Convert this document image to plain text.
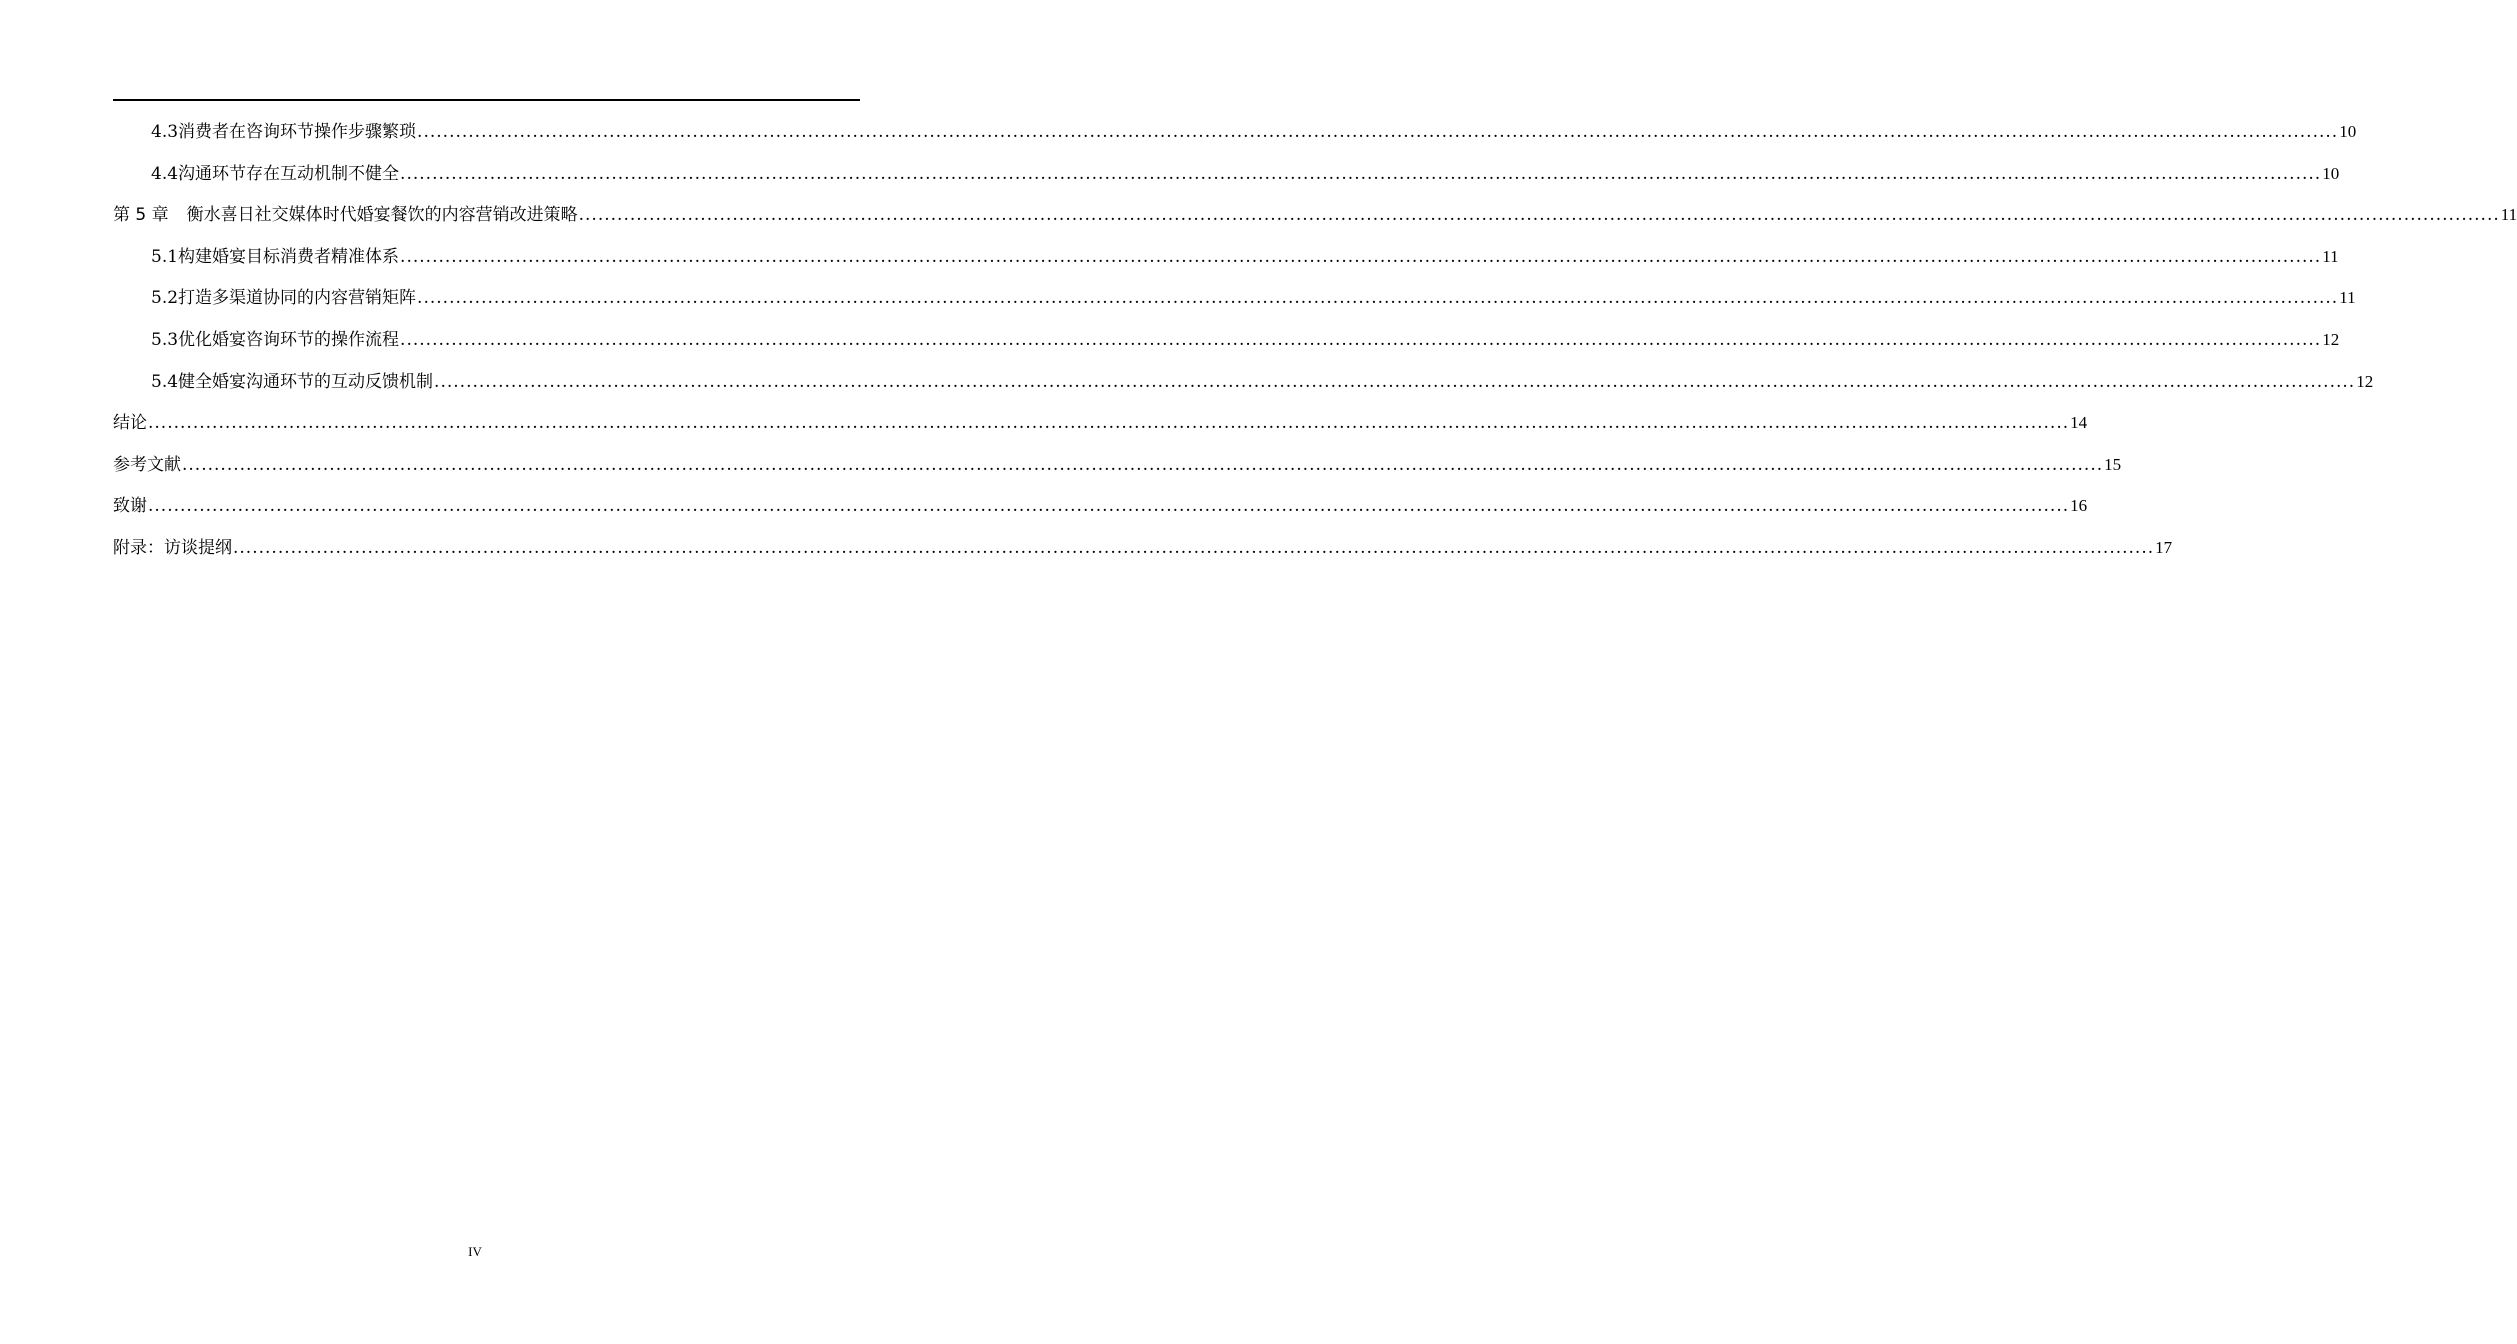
4.3 消费者在咨询环节操作步骤繁琐 ............................................................................................................................................................................................................................................................................................................ 10
4.4 沟通环节存在互动机制不健全 ............................................................................................................................................................................................................................................................................................................ 10
第 5 章 衡水喜日社交媒体时代婚宴餐饮的内容营销改进策略 ............................................................................................................................................................................................................................................................................................................ 11
5.1 构建婚宴目标消费者精准体系 ............................................................................................................................................................................................................................................................................................................ 11
5.2 打造多渠道协同的内容营销矩阵 ............................................................................................................................................................................................................................................................................................................ 11
5.3 优化婚宴咨询环节的操作流程 ............................................................................................................................................................................................................................................................................................................ 12
5.4 健全婚宴沟通环节的互动反馈机制 ............................................................................................................................................................................................................................................................................................................ 12
结论 ............................................................................................................................................................................................................................................................................................................ 14
参考文献 ............................................................................................................................................................................................................................................................................................................ 15
致谢 ............................................................................................................................................................................................................................................................................................................ 16
附录：访谈提纲 ............................................................................................................................................................................................................................................................................................................ 17
IV
